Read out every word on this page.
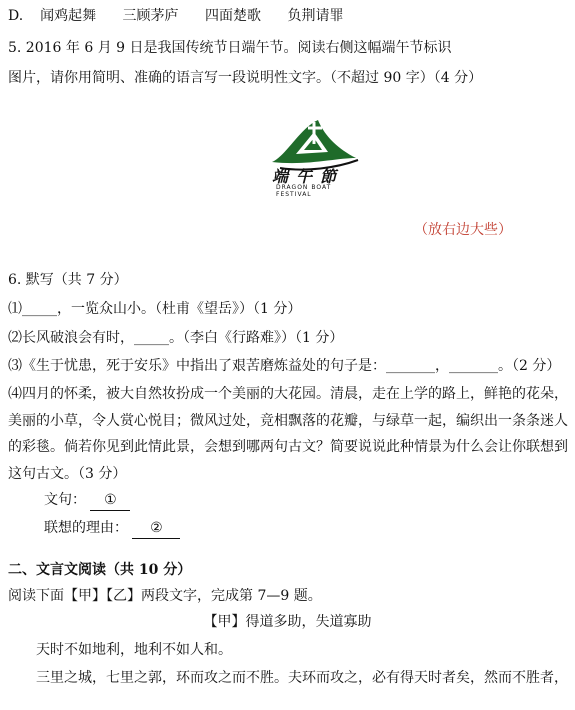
D. 闻鸡起舞 三顾茅庐 四面楚歌 负荆请罪
5. 2016 年 6 月 9 日是我国传统节日端午节。阅读右侧这幅端午节标识
图片，请你用简明、准确的语言写一段说明性文字。（不超过 90 字）（4 分）
端午節
DRAGON BOAT FESTIVAL
（放右边大些）
6. 默写（共 7 分）
⑴_____，一览众山小。（杜甫《望岳》）（1 分）
⑵长风破浪会有时，_____。（李白《行路难》）（1 分）
⑶《生于忧患，死于安乐》中指出了艰苦磨炼益处的句子是：_______，_______。（2 分）
⑷四月的怀柔，被大自然妆扮成一个美丽的大花园。清晨，走在上学的路上，鲜艳的花朵，
美丽的小草，令人赏心悦目；微风过处，竞相飘落的花瓣，与绿草一起，编织出一条条迷人
的彩毯。倘若你见到此情此景，会想到哪两句古文？简要说说此种情景为什么会让你联想到
这句古文。（3 分）
文句： ①
联想的理由： ②
二、文言文阅读（共 10 分）
阅读下面【甲】【乙】两段文字，完成第 7—9 题。
【甲】得道多助，失道寡助
天时不如地利，地利不如人和。
三里之城，七里之郭，环而攻之而不胜。夫环而攻之，必有得天时者矣，然而不胜者，
